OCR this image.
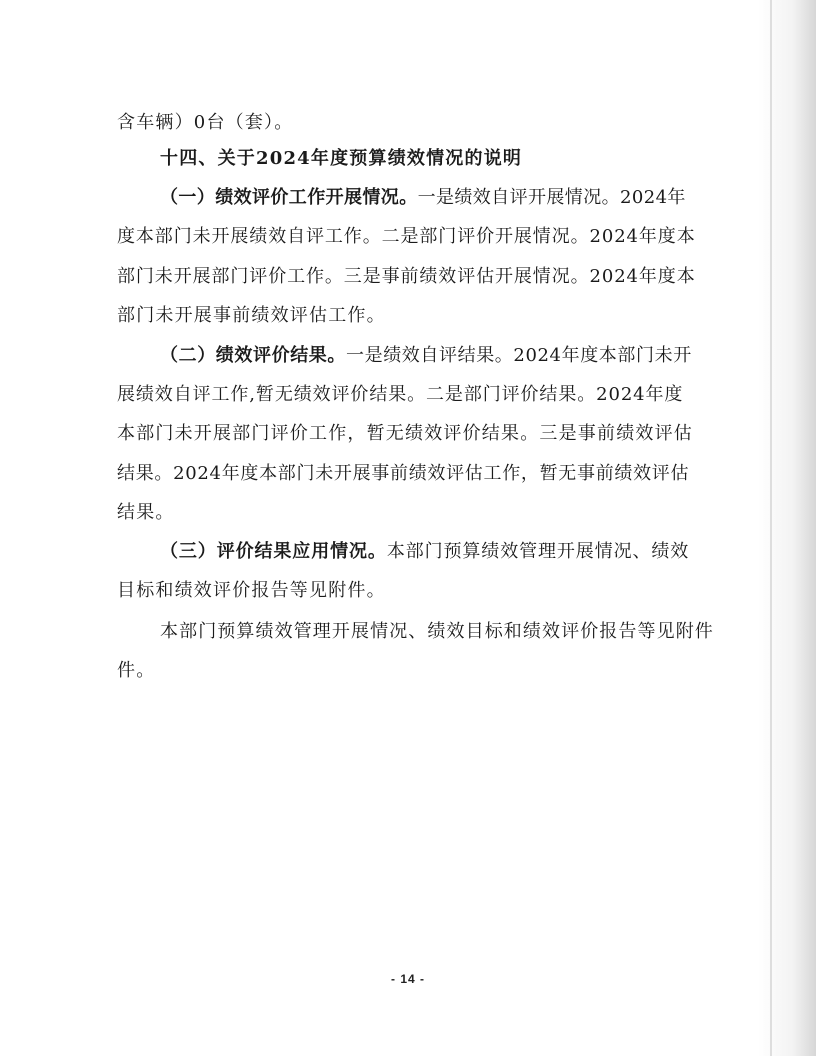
含车辆）0台（套）。
十四、关于2024年度预算绩效情况的说明
（一）绩效评价工作开展情况。一是绩效自评开展情况。2024年
度本部门未开展绩效自评工作。二是部门评价开展情况。2024年度本
部门未开展部门评价工作。三是事前绩效评估开展情况。2024年度本
部门未开展事前绩效评估工作。
（二）绩效评价结果。一是绩效自评结果。2024年度本部门未开
展绩效自评工作,暂无绩效评价结果。二是部门评价结果。2024年度
本部门未开展部门评价工作，暂无绩效评价结果。三是事前绩效评估
结果。2024年度本部门未开展事前绩效评估工作，暂无事前绩效评估
结果。
（三）评价结果应用情况。本部门预算绩效管理开展情况、绩效
目标和绩效评价报告等见附件。
本部门预算绩效管理开展情况、绩效目标和绩效评价报告等见附件
件。
- 14 -
